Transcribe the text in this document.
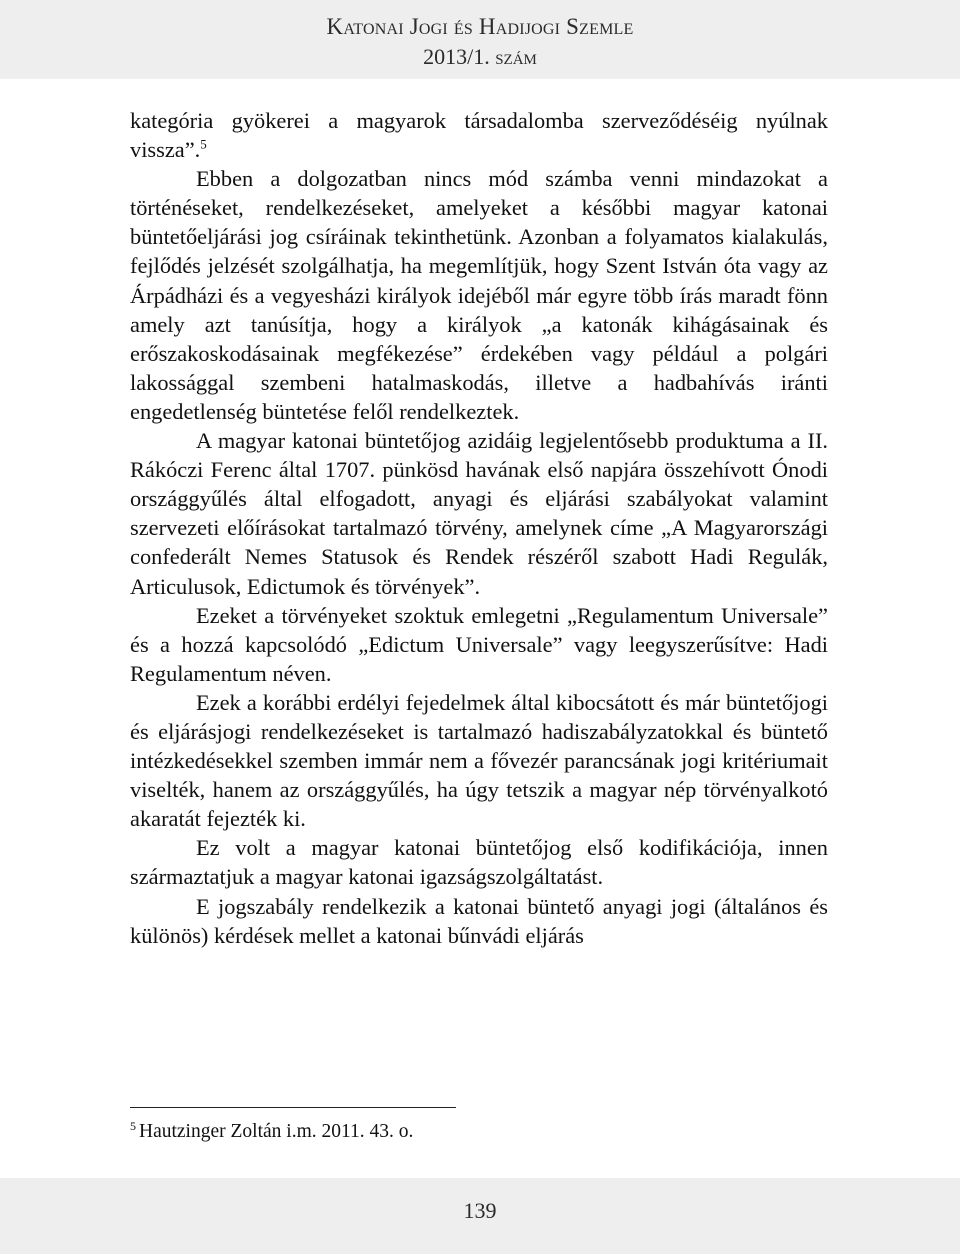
Katonai Jogi és Hadijogi Szemle
2013/1. szám

kategória gyökerei a magyarok társadalomba szerveződéséig nyúlnak vissza”.$^5$

Ebben a dolgozatban nincs mód számba venni mindazokat a történéseket, rendelkezéseket, amelyeket a későbbi magyar katonai büntetőeljárási jog csíráinak tekinthetünk. Azonban a folyamatos kialakulás, fejlődés jelzését szolgálhatja, ha megemlítjük, hogy Szent István óta vagy az Árpádházi és a vegyesházi királyok idejéből már egyre több írás maradt fönn amely azt tanúsítja, hogy a királyok „a katonák kihágásainak és erőszakoskodásainak megfékezése” érdekében vagy például a polgári lakossággal szembeni hatalmaskodás, illetve a hadbahívás iránti engedetlenség büntetése felől rendelkeztek.

A magyar katonai büntetőjog azidáig legjelentősebb produktuma a II. Rákóczi Ferenc által 1707. pünkösd havának első napjára összehívott Ónodi országgyűlés által elfogadott, anyagi és eljárási szabályokat valamint szervezeti előírásokat tartalmazó törvény, amelynek címe „A Magyarországi confederált Nemes Statusok és Rendek részéről szabott Hadi Regulák, Articulusok, Edictumok és törvények”.

Ezeket a törvényeket szoktuk emlegetni „Regulamentum Universale” és a hozzá kapcsolódó „Edictum Universale” vagy leegyszerűsítve: Hadi Regulamentum néven.

Ezek a korábbi erdélyi fejedelmek által kibocsátott és már büntetőjogi és eljárásjogi rendelkezéseket is tartalmazó hadiszabályzatokkal és büntető intézkedésekkel szemben immár nem a fővezér parancsának jogi kritériumait viselték, hanem az országgyűlés, ha úgy tetszik a magyar nép törvényalkotó akaratát fejezték ki.

Ez volt a magyar katonai büntetőjog első kodifikációja, innen származtatjuk a magyar katonai igazságszolgáltatást.

E jogszabály rendelkezik a katonai büntető anyagi jogi (általános és különös) kérdések mellet a katonai bűnvádi eljárás

$^5$ Hautzinger Zoltán i.m. 2011. 43. o.
139
